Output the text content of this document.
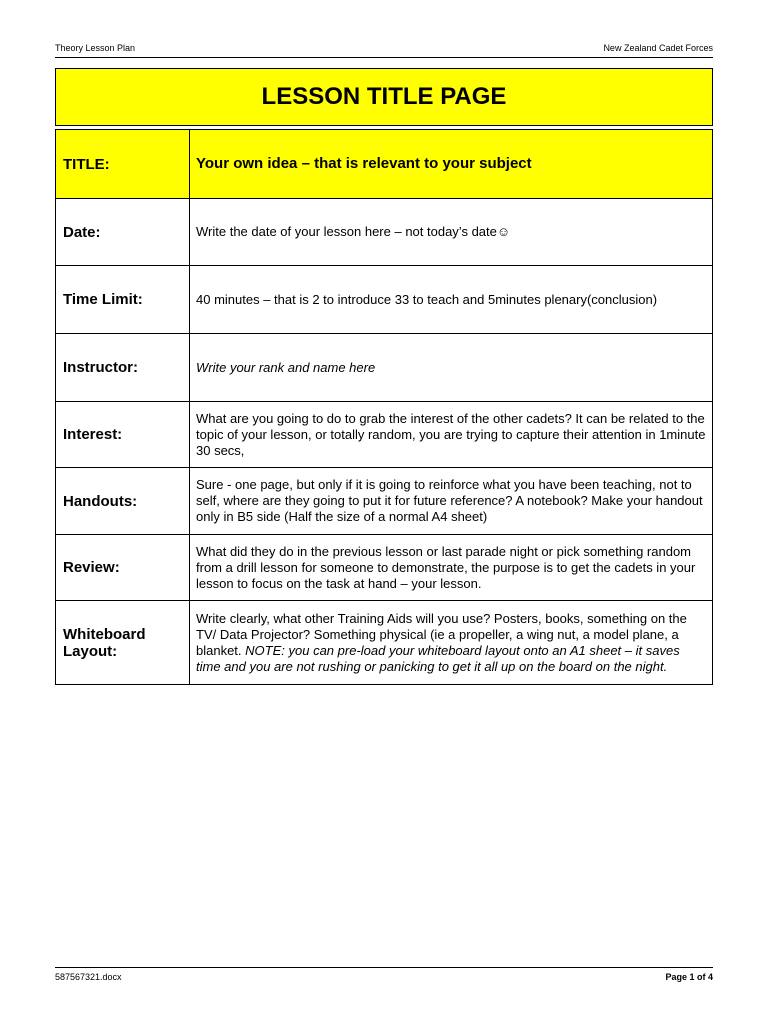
Theory Lesson Plan	New Zealand Cadet Forces
LESSON TITLE PAGE
TITLE:	Your own idea – that is relevant to your subject
Date:	Write the date of your lesson here – not today’s date☺
Time Limit:	40 minutes – that is 2 to introduce 33 to teach and 5minutes plenary(conclusion)
Instructor:	Write your rank and name here
Interest:	What are you going to do to grab the interest of the other cadets? It can be related to the topic of your lesson, or totally random, you are trying to capture their attention in 1minute 30 secs,
Handouts:	Sure - one page, but only if it is going to reinforce what you have been teaching, not to self, where are they going to put it for future reference? A notebook? Make your handout only in B5 side (Half the size of a normal A4 sheet)
Review:	What did they do in the previous lesson or last parade night or pick something random from a drill lesson for someone to demonstrate, the purpose is to get the cadets in your lesson to focus on the task at hand – your lesson.
Whiteboard
Layout:	Write clearly, what other Training Aids will you use? Posters, books, something on the TV/ Data Projector? Something physical (ie a propeller, a wing nut, a model plane, a blanket. NOTE: you can pre-load your whiteboard layout onto an A1 sheet – it saves time and you are not rushing or panicking to get it all up on the board on the night.
587567321.docx	Page 1 of 4
